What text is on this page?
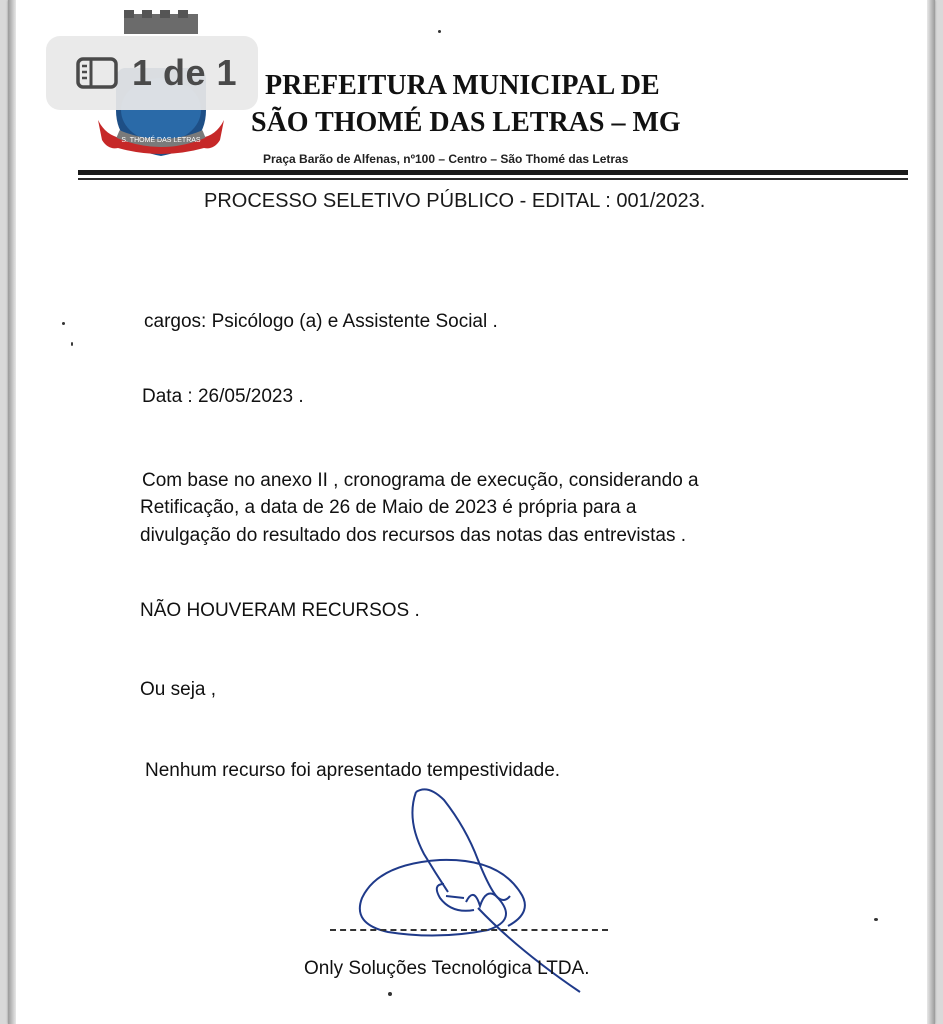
S. THOMÉ DAS LETRAS
PREFEITURA MUNICIPAL DE
SÃO THOMÉ DAS LETRAS – MG
Praça Barão de Alfenas, nº100 – Centro – São Thomé das Letras
PROCESSO SELETIVO PÚBLICO - EDITAL : 001/2023.
cargos: Psicólogo (a) e Assistente Social .
Data : 26/05/2023 .
Com base no anexo II , cronograma de execução, considerando a
Retificação, a data de 26 de Maio de 2023 é própria para a
divulgação do resultado dos recursos das notas das entrevistas .
NÃO HOUVERAM RECURSOS .
Ou seja ,
Nenhum recurso foi apresentado tempestividade.
Only Soluções Tecnológica LTDA.
1 de 1
